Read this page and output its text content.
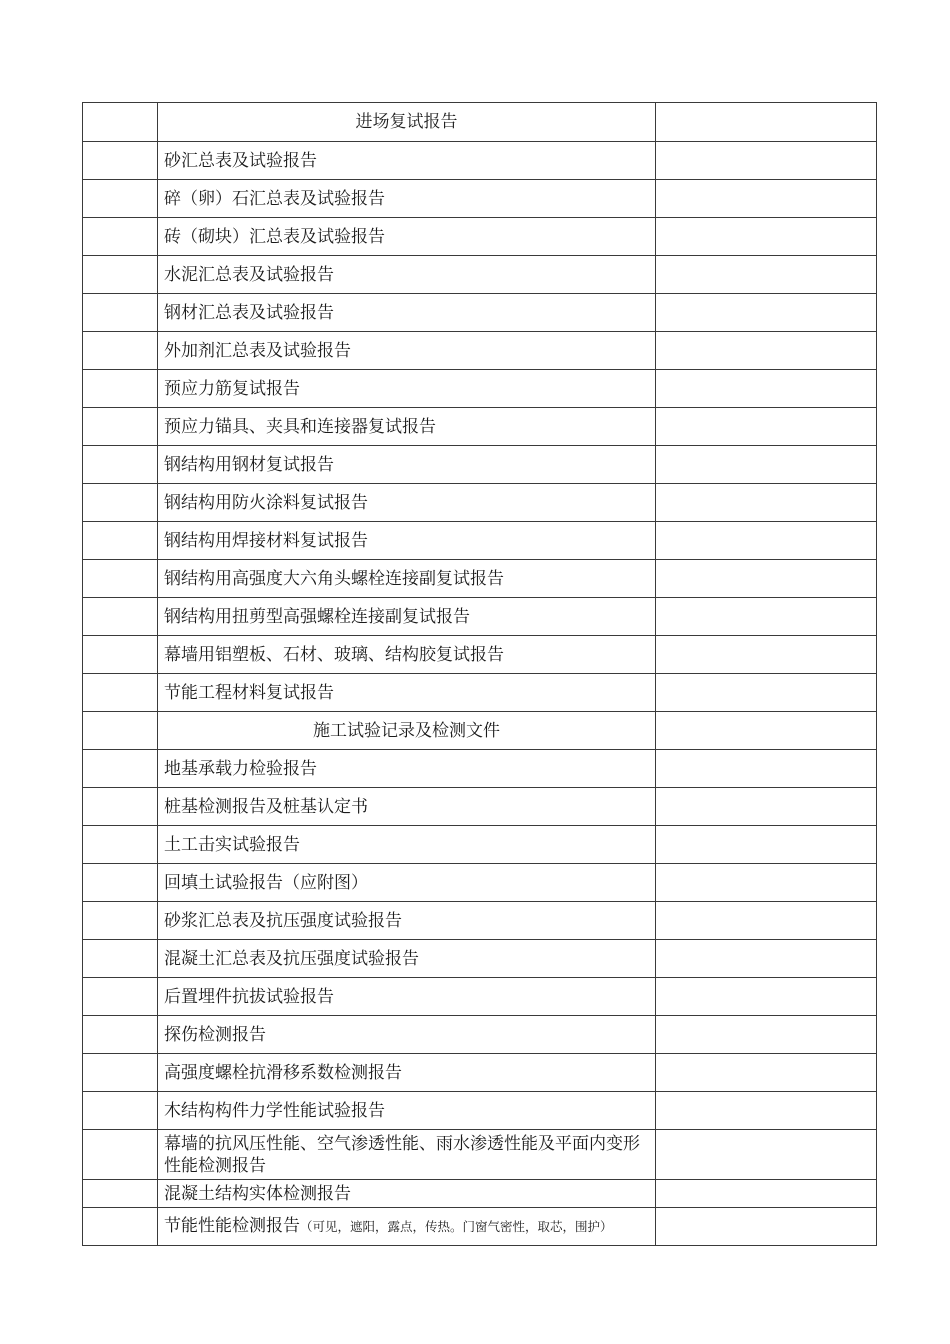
	进场复试报告	
	砂汇总表及试验报告	
	碎（卵）石汇总表及试验报告	
	砖（砌块）汇总表及试验报告	
	水泥汇总表及试验报告	
	钢材汇总表及试验报告	
	外加剂汇总表及试验报告	
	预应力筋复试报告	
	预应力锚具、夹具和连接器复试报告	
	钢结构用钢材复试报告	
	钢结构用防火涂料复试报告	
	钢结构用焊接材料复试报告	
	钢结构用高强度大六角头螺栓连接副复试报告	
	钢结构用扭剪型高强螺栓连接副复试报告	
	幕墙用铝塑板、石材、玻璃、结构胶复试报告	
	节能工程材料复试报告	
	施工试验记录及检测文件	
	地基承载力检验报告	
	桩基检测报告及桩基认定书	
	土工击实试验报告	
	回填土试验报告（应附图）	
	砂浆汇总表及抗压强度试验报告	
	混凝土汇总表及抗压强度试验报告	
	后置埋件抗拔试验报告	
	探伤检测报告	
	高强度螺栓抗滑移系数检测报告	
	木结构构件力学性能试验报告	
	幕墙的抗风压性能、空气渗透性能、雨水渗透性能及平面内变形性能检测报告	
	混凝土结构实体检测报告	
	节能性能检测报告（可见，遮阳，露点，传热。门窗气密性，取芯，围护）	
